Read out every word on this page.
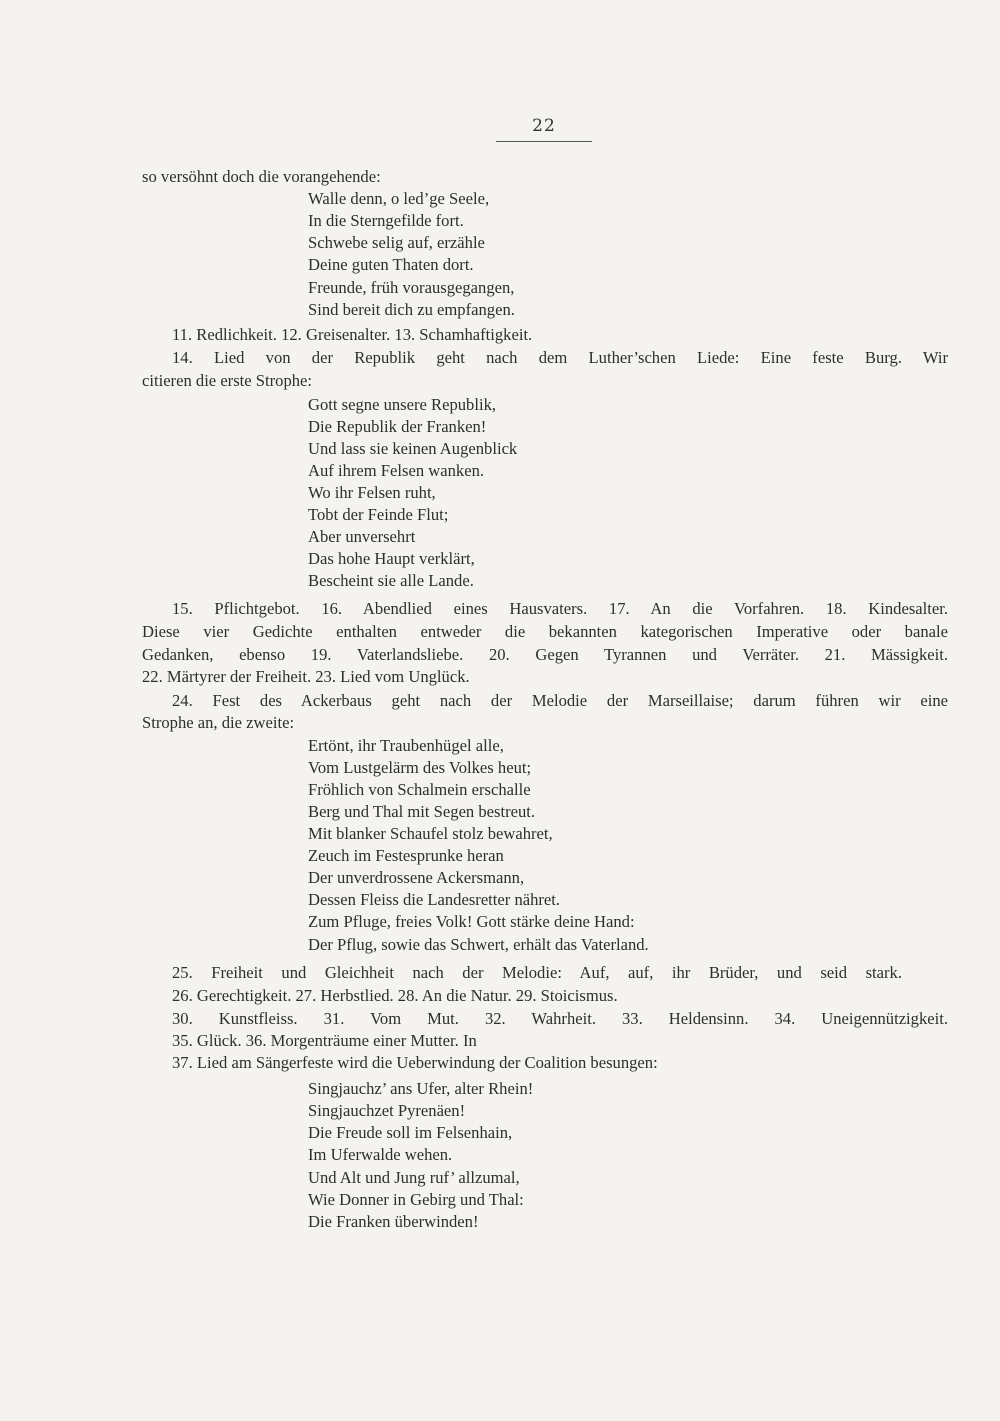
22
so versöhnt doch die vorangehende:
Walle denn, o led’ge Seele,
In die Sterngefilde fort.
Schwebe selig auf, erzähle
Deine guten Thaten dort.
Freunde, früh vorausgegangen,
Sind bereit dich zu empfangen.
11. Redlichkeit. 12. Greisenalter. 13. Schamhaftigkeit.
14. Lied von der Republik geht nach dem Luther’schen Liede: Eine feste Burg. Wir
citieren die erste Strophe:
Gott segne unsere Republik,
Die Republik der Franken!
Und lass sie keinen Augenblick
Auf ihrem Felsen wanken.
Wo ihr Felsen ruht,
Tobt der Feinde Flut;
Aber unversehrt
Das hohe Haupt verklärt,
Bescheint sie alle Lande.
15. Pflichtgebot. 16. Abendlied eines Hausvaters. 17. An die Vorfahren. 18. Kindesalter.
Diese vier Gedichte enthalten entweder die bekannten kategorischen Imperative oder banale
Gedanken, ebenso 19. Vaterlandsliebe. 20. Gegen Tyrannen und Verräter. 21. Mässigkeit.
22. Märtyrer der Freiheit. 23. Lied vom Unglück.
24. Fest des Ackerbaus geht nach der Melodie der Marseillaise; darum führen wir eine
Strophe an, die zweite:
Ertönt, ihr Traubenhügel alle,
Vom Lustgelärm des Volkes heut;
Fröhlich von Schalmein erschalle
Berg und Thal mit Segen bestreut.
Mit blanker Schaufel stolz bewahret,
Zeuch im Festesprunke heran
Der unverdrossene Ackersmann,
Dessen Fleiss die Landesretter nähret.
Zum Pfluge, freies Volk! Gott stärke deine Hand:
Der Pflug, sowie das Schwert, erhält das Vaterland.
25. Freiheit und Gleichheit nach der Melodie: Auf, auf, ihr Brüder, und seid stark.
26. Gerechtigkeit. 27. Herbstlied. 28. An die Natur. 29. Stoicismus.
30. Kunstfleiss. 31. Vom Mut. 32. Wahrheit. 33. Heldensinn. 34. Uneigennützigkeit.
35. Glück. 36. Morgenträume einer Mutter. In
37. Lied am Sängerfeste wird die Ueberwindung der Coalition besungen:
Singjauchz’ ans Ufer, alter Rhein!
Singjauchzet Pyrenäen!
Die Freude soll im Felsenhain,
Im Uferwalde wehen.
Und Alt und Jung ruf’ allzumal,
Wie Donner in Gebirg und Thal:
Die Franken überwinden!
